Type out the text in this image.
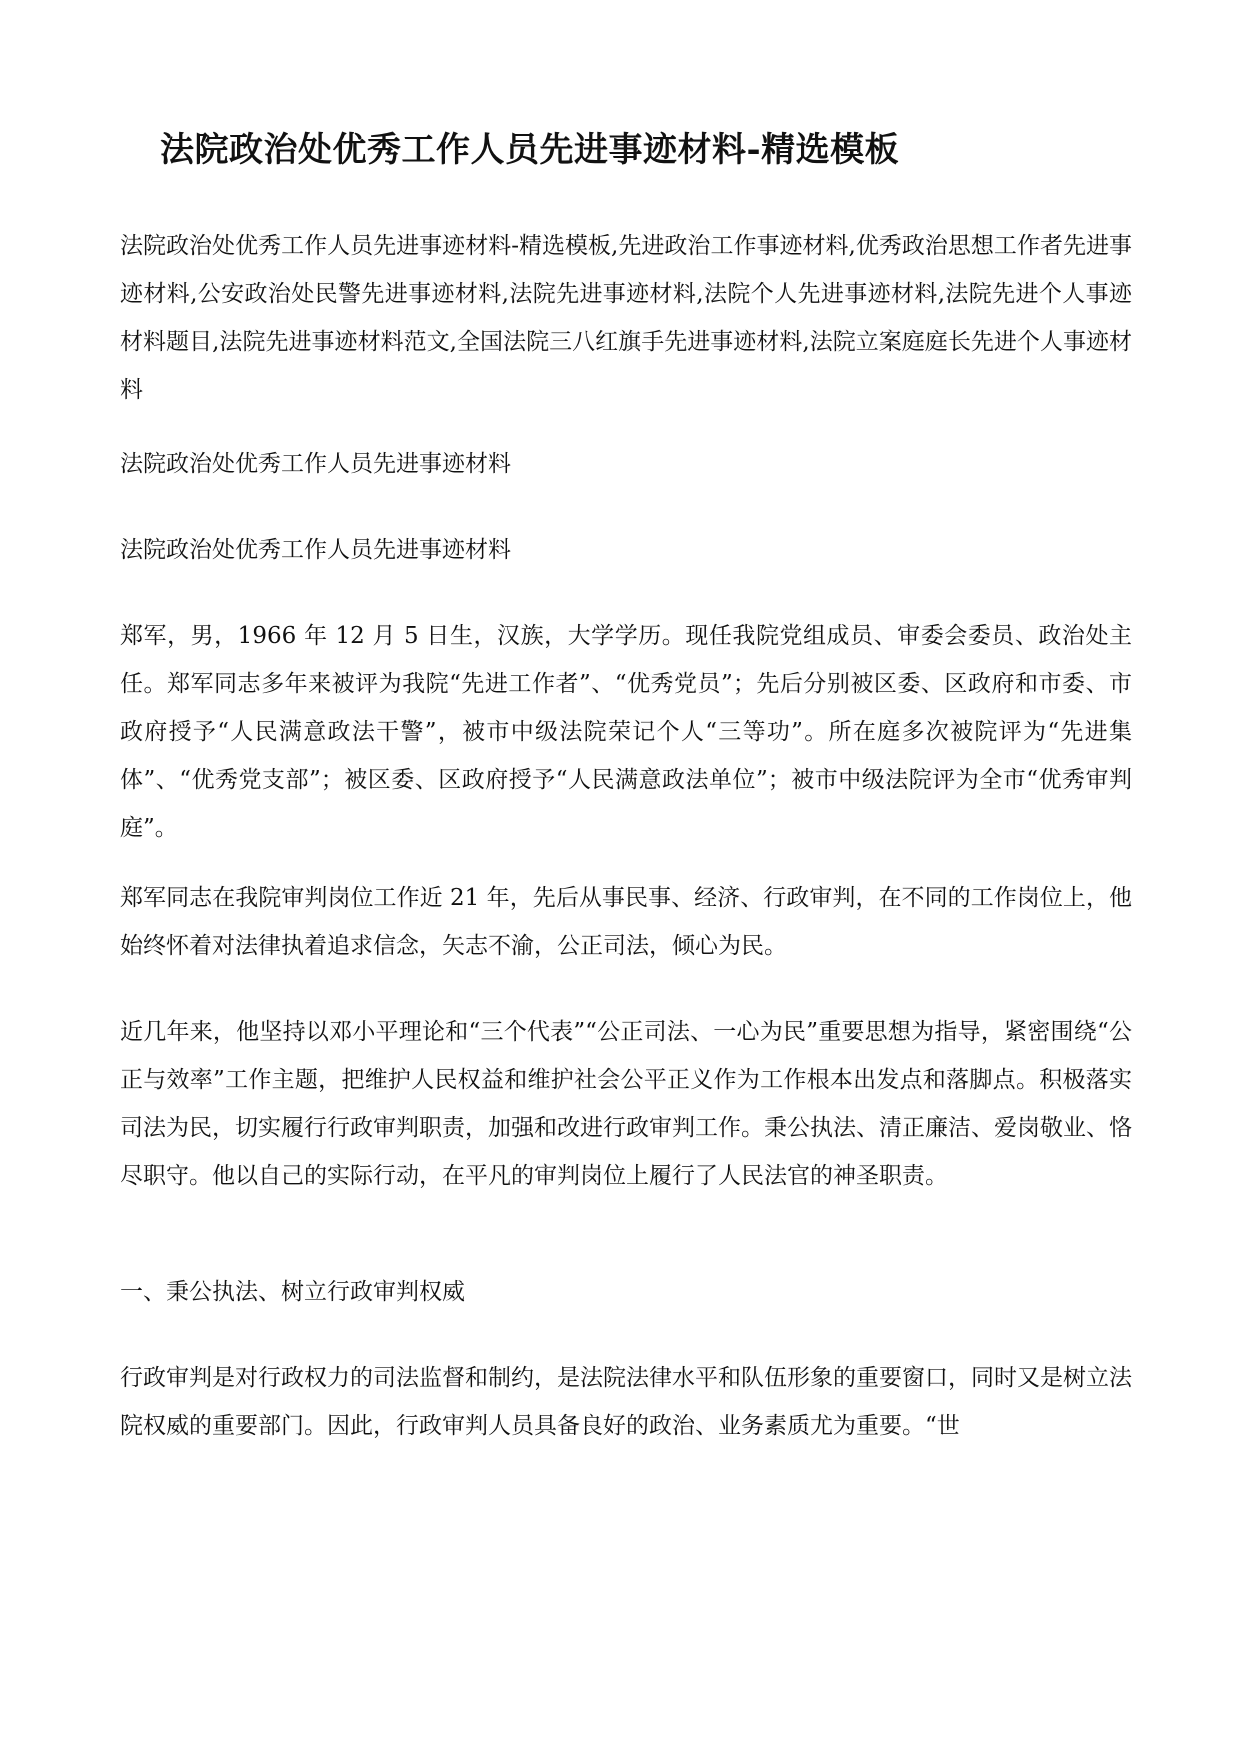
法院政治处优秀工作人员先进事迹材料-精选模板

法院政治处优秀工作人员先进事迹材料-精选模板,先进政治工作事迹材料,优秀政治思想工作者先进事迹材料,公安政治处民警先进事迹材料,法院先进事迹材料,法院个人先进事迹材料,法院先进个人事迹材料题目,法院先进事迹材料范文,全国法院三八红旗手先进事迹材料,法院立案庭庭长先进个人事迹材料

法院政治处优秀工作人员先进事迹材料

法院政治处优秀工作人员先进事迹材料

郑军，男，1966 年 12 月 5 日生，汉族，大学学历。现任我院党组成员、审委会委员、政治处主任。郑军同志多年来被评为我院“先进工作者”、“优秀党员”；先后分别被区委、区政府和市委、市政府授予“人民满意政法干警”，被市中级法院荣记个人“三等功”。所在庭多次被院评为“先进集体”、“优秀党支部”；被区委、区政府授予“人民满意政法单位”；被市中级法院评为全市“优秀审判庭”。

郑军同志在我院审判岗位工作近 21 年，先后从事民事、经济、行政审判，在不同的工作岗位上，他始终怀着对法律执着追求信念，矢志不渝，公正司法，倾心为民。

近几年来，他坚持以邓小平理论和“三个代表”“公正司法、一心为民”重要思想为指导，紧密围绕“公正与效率”工作主题，把维护人民权益和维护社会公平正义作为工作根本出发点和落脚点。积极落实司法为民，切实履行行政审判职责，加强和改进行政审判工作。秉公执法、清正廉洁、爱岗敬业、恪尽职守。他以自己的实际行动，在平凡的审判岗位上履行了人民法官的神圣职责。

一、秉公执法、树立行政审判权威

行政审判是对行政权力的司法监督和制约，是法院法律水平和队伍形象的重要窗口，同时又是树立法院权威的重要部门。因此，行政审判人员具备良好的政治、业务素质尤为重要。“世
